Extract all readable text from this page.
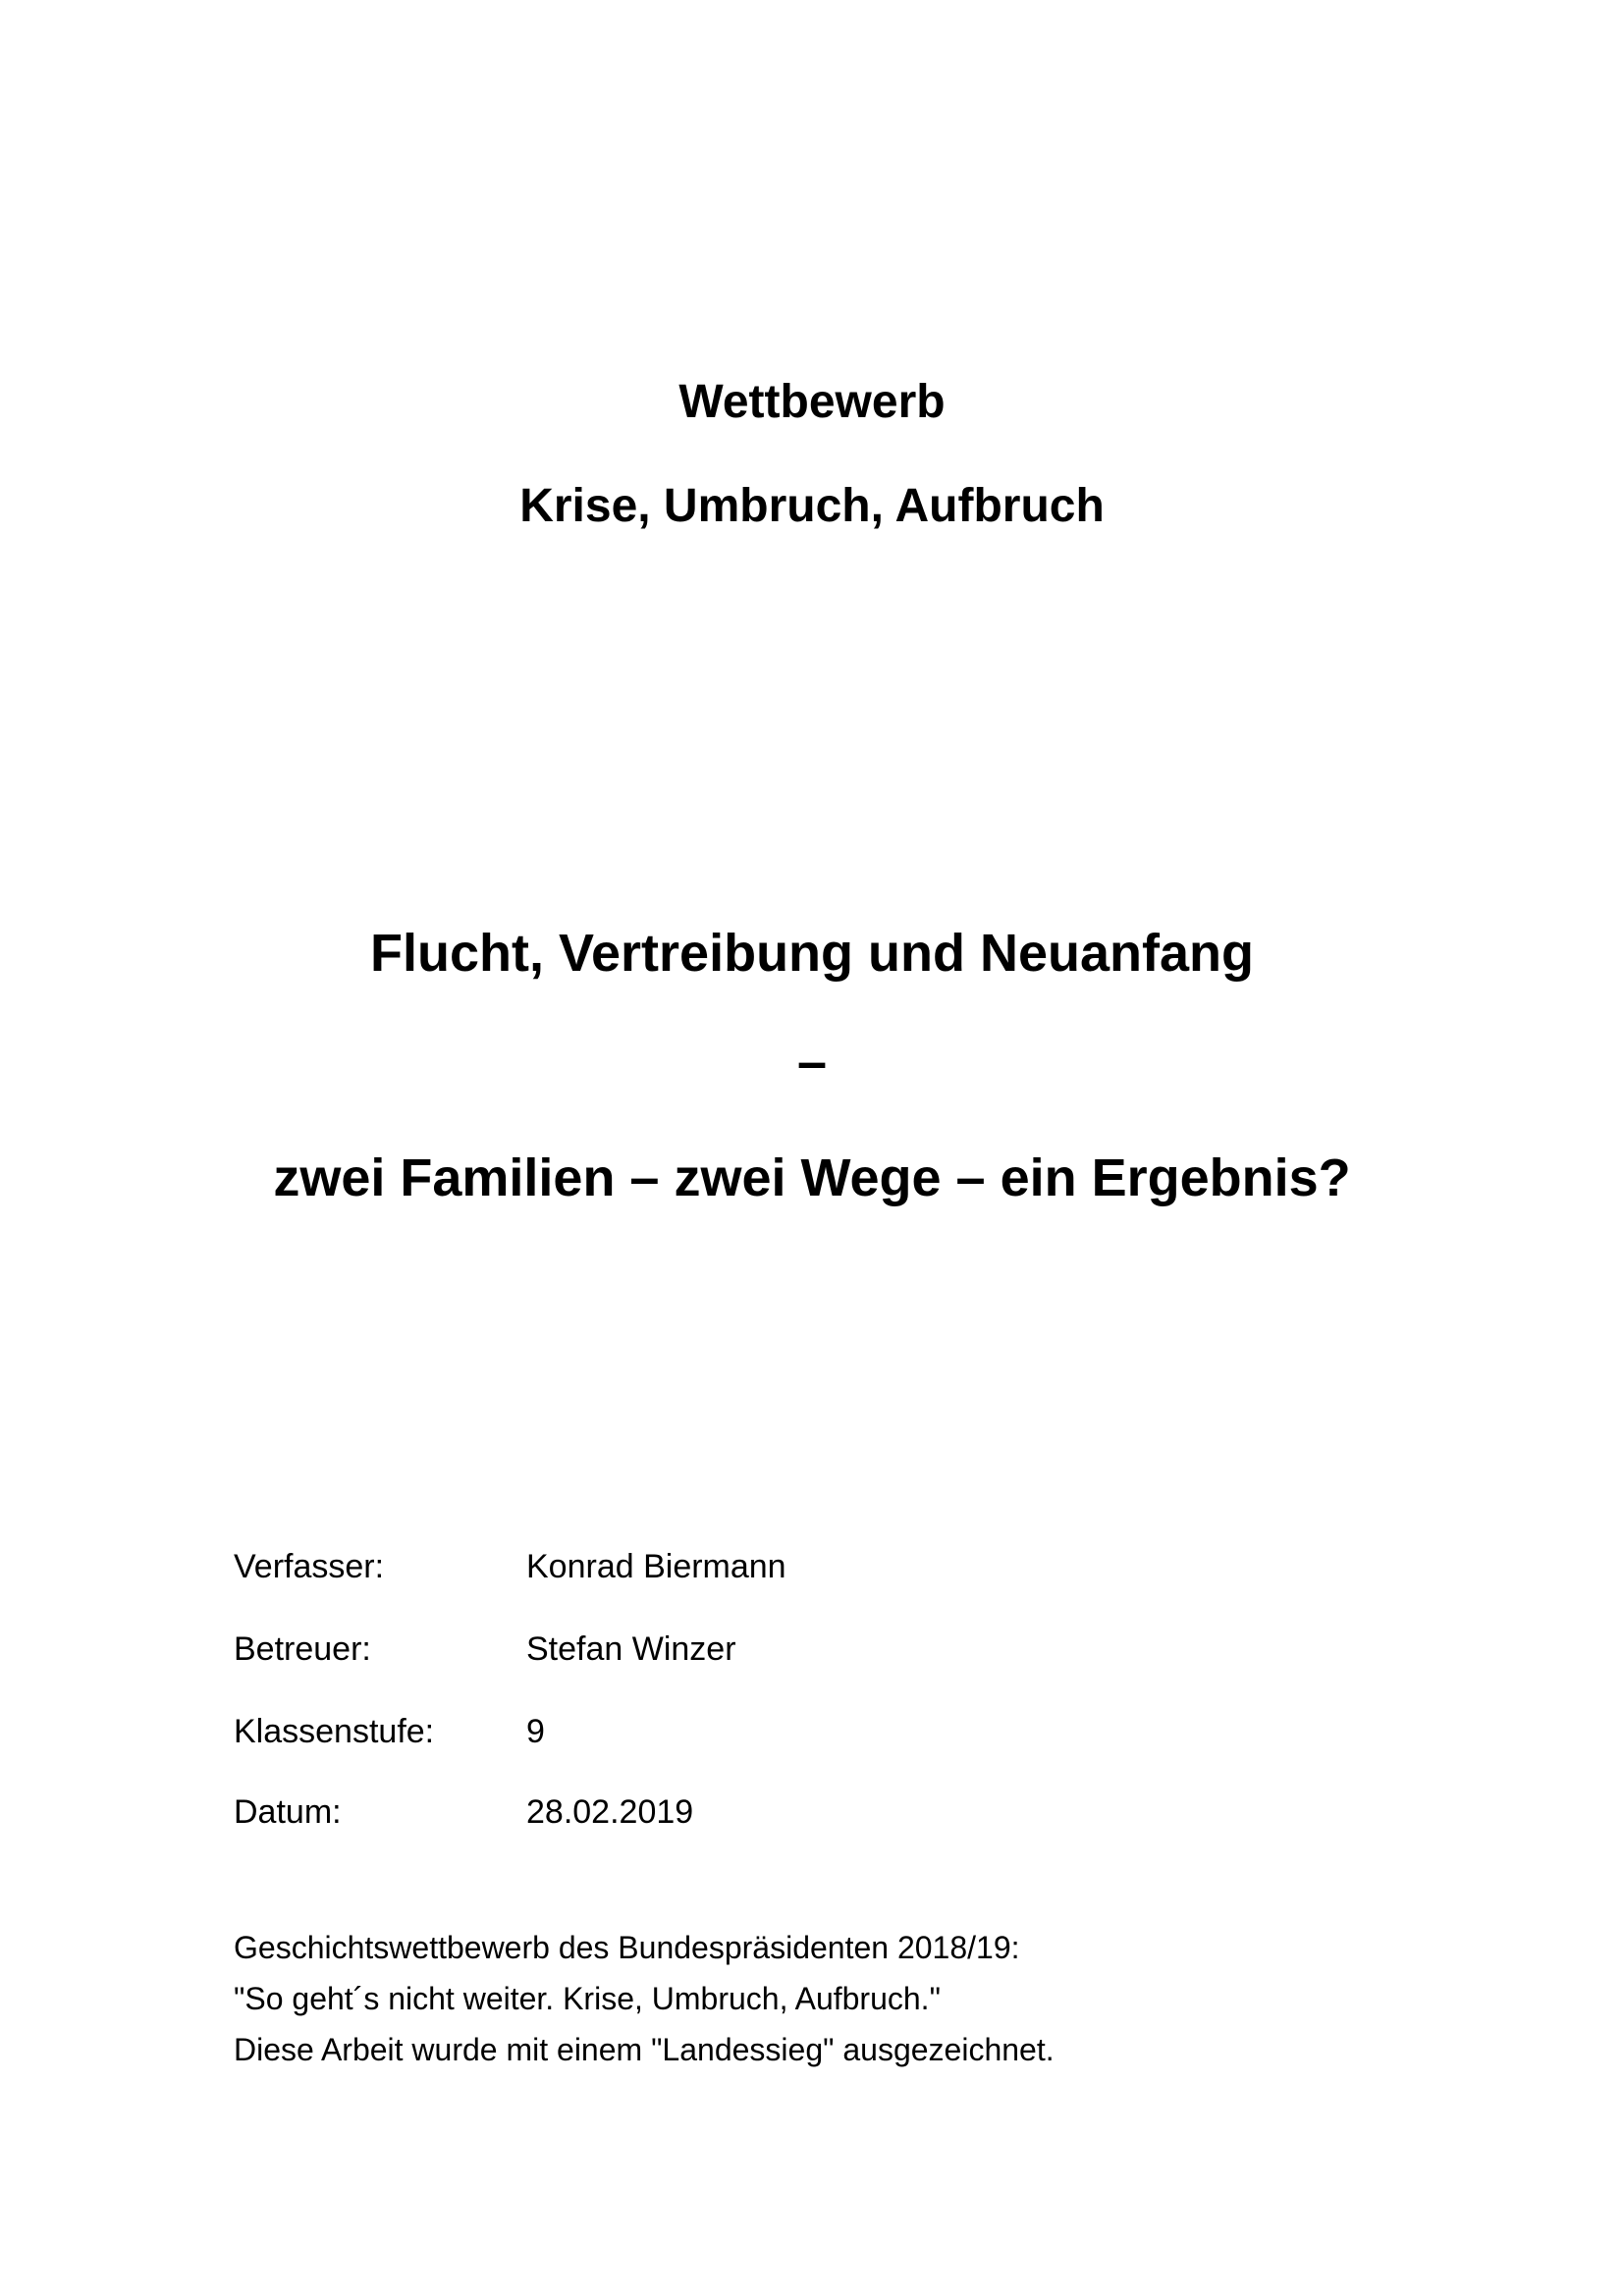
Wettbewerb
Krise, Umbruch, Aufbruch
Flucht, Vertreibung und Neuanfang
–
zwei Familien – zwei Wege – ein Ergebnis?
Verfasser:	Konrad Biermann
Betreuer:	Stefan Winzer
Klassenstufe:	9
Datum:	28.02.2019
Geschichtswettbewerb des Bundespräsidenten 2018/19:
"So geht´s nicht weiter. Krise, Umbruch, Aufbruch."
Diese Arbeit wurde mit einem "Landessieg" ausgezeichnet.
